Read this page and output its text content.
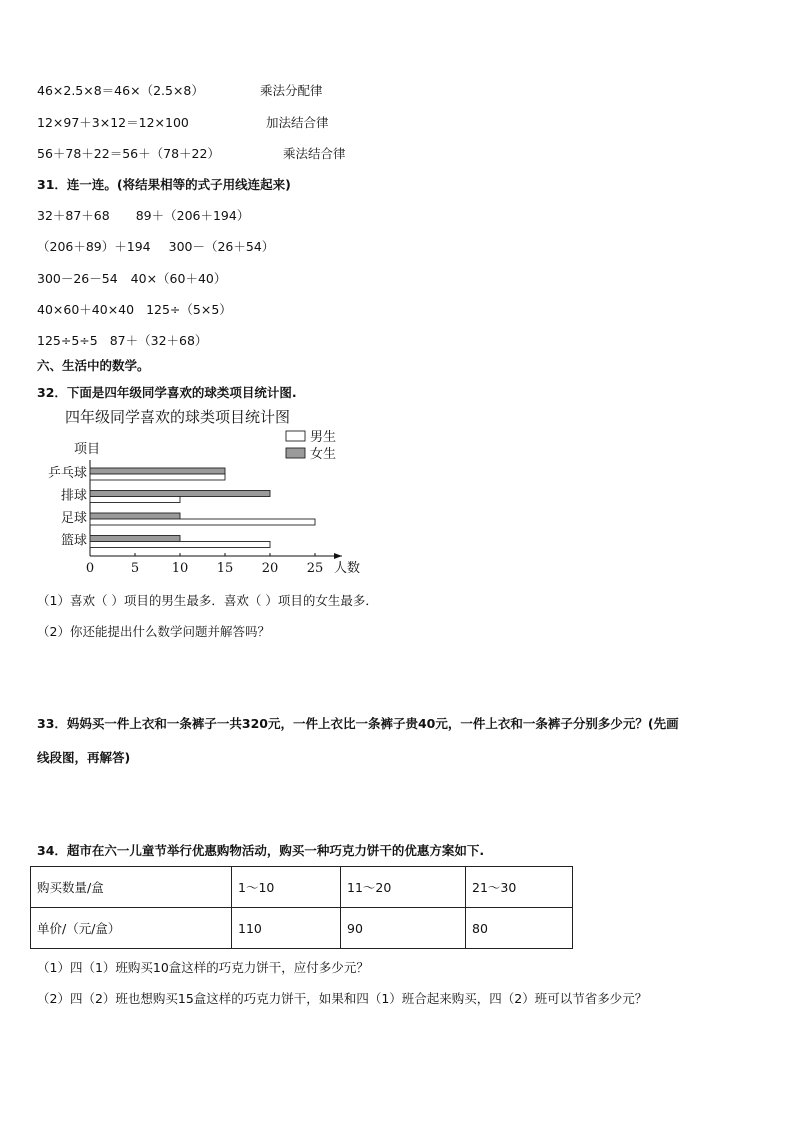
46×2.5×8＝46×（2.5×8）	乘法分配律
12×97＋3×12＝12×100	加法结合律
56＋78＋22＝56＋（78＋22）	乘法结合律
31．连一连。(将结果相等的式子用线连起来)
32＋87＋68 89＋（206＋194）
（206＋89）＋194 300－（26＋54）
300－26－54 40×（60＋40）
40×60＋40×40 125÷（5×5）
125÷5÷5 87＋（32＋68）
六、生活中的数学。
32．下面是四年级同学喜欢的球类项目统计图.
四年级同学喜欢的球类项目统计图
项目
人数
男生
女生
乒乓球
排球
足球
篮球
0	5	10 15 20 25
（1）喜欢（ ）项目的男生最多．喜欢（ ）项目的女生最多．
（2）你还能提出什么数学问题并解答吗？
33．妈妈买一件上衣和一条裤子一共320元，一件上衣比一条裤子贵40元，一件上衣和一条裤子分别多少元？(先画
线段图，再解答)
34．超市在六一儿童节举行优惠购物活动，购买一种巧克力饼干的优惠方案如下.
购买数量/盒	1～10	11～20	21～30
单价/（元/盒）	110	90	80
（1）四（1）班购买10盒这样的巧克力饼干，应付多少元？
（2）四（2）班也想购买15盒这样的巧克力饼干，如果和四（1）班合起来购买，四（2）班可以节省多少元？
